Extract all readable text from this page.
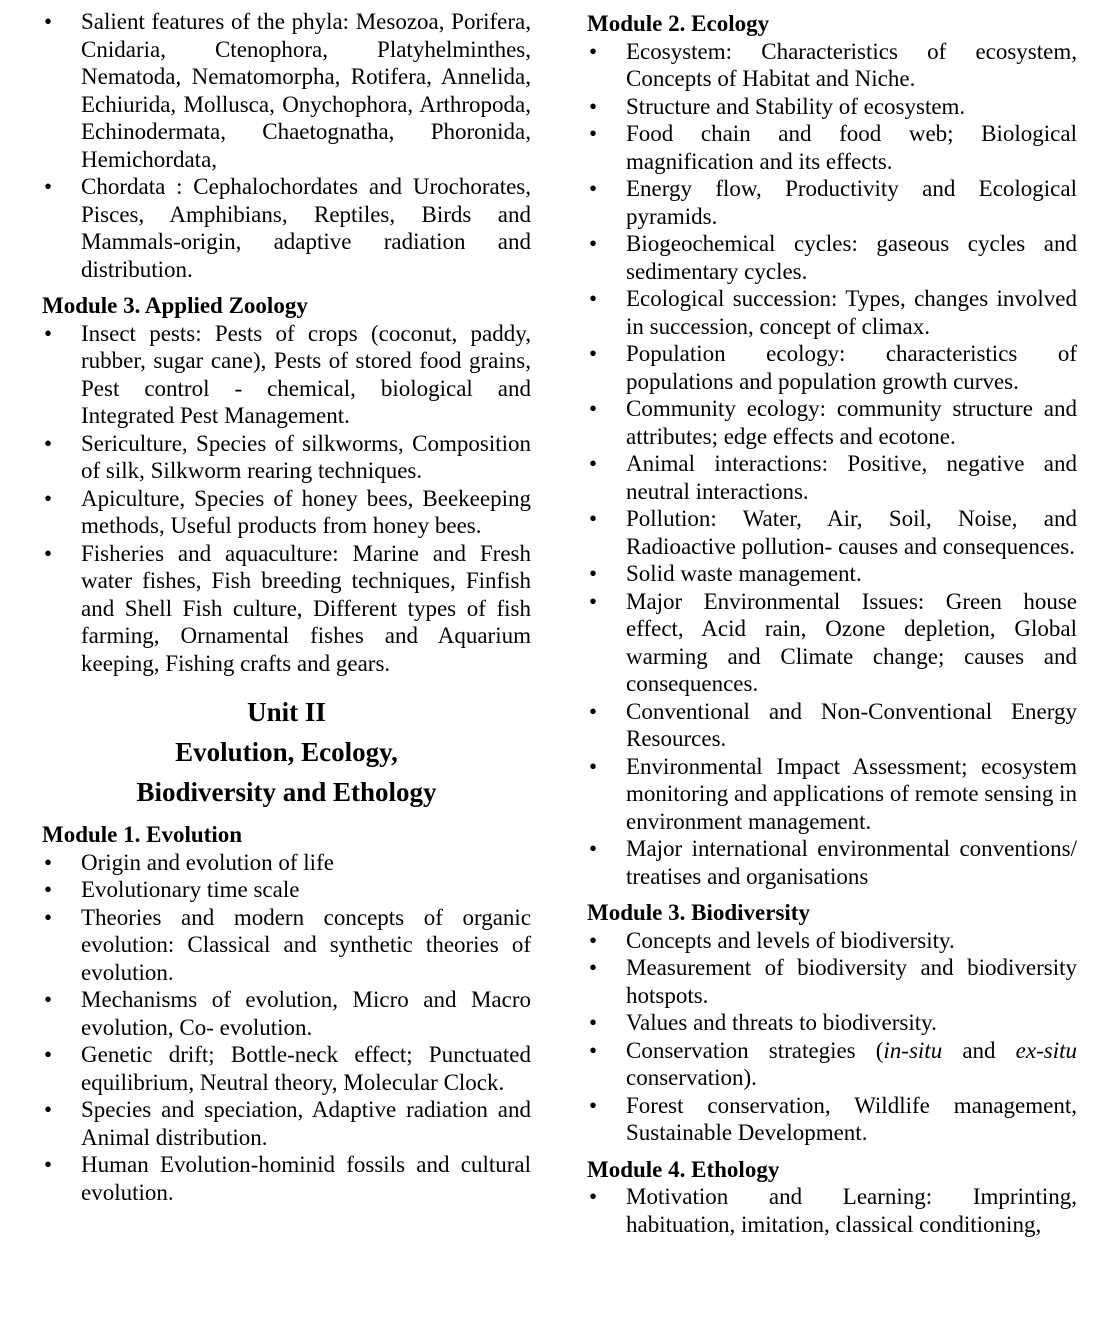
• Salient features of the phyla: Mesozoa, Porifera, Cnidaria, Ctenophora, Platyhelminthes, Nematoda, Nematomorpha, Rotifera, Annelida, Echiurida, Mollusca, Onychophora, Arthropoda, Echinodermata, Chaetognatha, Phoronida, Hemichordata,
• Chordata : Cephalochordates and Urochorates, Pisces, Amphibians, Reptiles, Birds and Mammals-origin, adaptive radiation and distribution.
Module 3. Applied Zoology
• Insect pests: Pests of crops (coconut, paddy, rubber, sugar cane), Pests of stored food grains, Pest control - chemical, biological and Integrated Pest Management.
• Sericulture, Species of silkworms, Composition of silk, Silkworm rearing techniques.
• Apiculture, Species of honey bees, Beekeeping methods, Useful products from honey bees.
• Fisheries and aquaculture: Marine and Fresh water fishes, Fish breeding techniques, Finfish and Shell Fish culture, Different types of fish farming, Ornamental fishes and Aquarium keeping, Fishing crafts and gears.
Unit II
Evolution, Ecology,
Biodiversity and Ethology
Module 1. Evolution
• Origin and evolution of life
• Evolutionary time scale
• Theories and modern concepts of organic evolution: Classical and synthetic theories of evolution.
• Mechanisms of evolution, Micro and Macro evolution, Co- evolution.
• Genetic drift; Bottle-neck effect; Punctuated equilibrium, Neutral theory, Molecular Clock.
• Species and speciation, Adaptive radiation and Animal distribution.
• Human Evolution-hominid fossils and cultural evolution.
Module 2. Ecology
• Ecosystem: Characteristics of ecosystem, Concepts of Habitat and Niche.
• Structure and Stability of ecosystem.
• Food chain and food web; Biological magnification and its effects.
• Energy flow, Productivity and Ecological pyramids.
• Biogeochemical cycles: gaseous cycles and sedimentary cycles.
• Ecological succession: Types, changes involved in succession, concept of climax.
• Population ecology: characteristics of populations and population growth curves.
• Community ecology: community structure and attributes; edge effects and ecotone.
• Animal interactions: Positive, negative and neutral interactions.
• Pollution: Water, Air, Soil, Noise, and Radioactive pollution- causes and consequences.
• Solid waste management.
• Major Environmental Issues: Green house effect, Acid rain, Ozone depletion, Global warming and Climate change; causes and consequences.
• Conventional and Non-Conventional Energy Resources.
• Environmental Impact Assessment; ecosystem monitoring and applications of remote sensing in environment management.
• Major international environmental conventions/ treatises and organisations
Module 3. Biodiversity
• Concepts and levels of biodiversity.
• Measurement of biodiversity and biodiversity hotspots.
• Values and threats to biodiversity.
• Conservation strategies (in-situ and ex-situ conservation).
• Forest conservation, Wildlife management, Sustainable Development.
Module 4. Ethology
• Motivation and Learning: Imprinting, habituation, imitation, classical conditioning,
